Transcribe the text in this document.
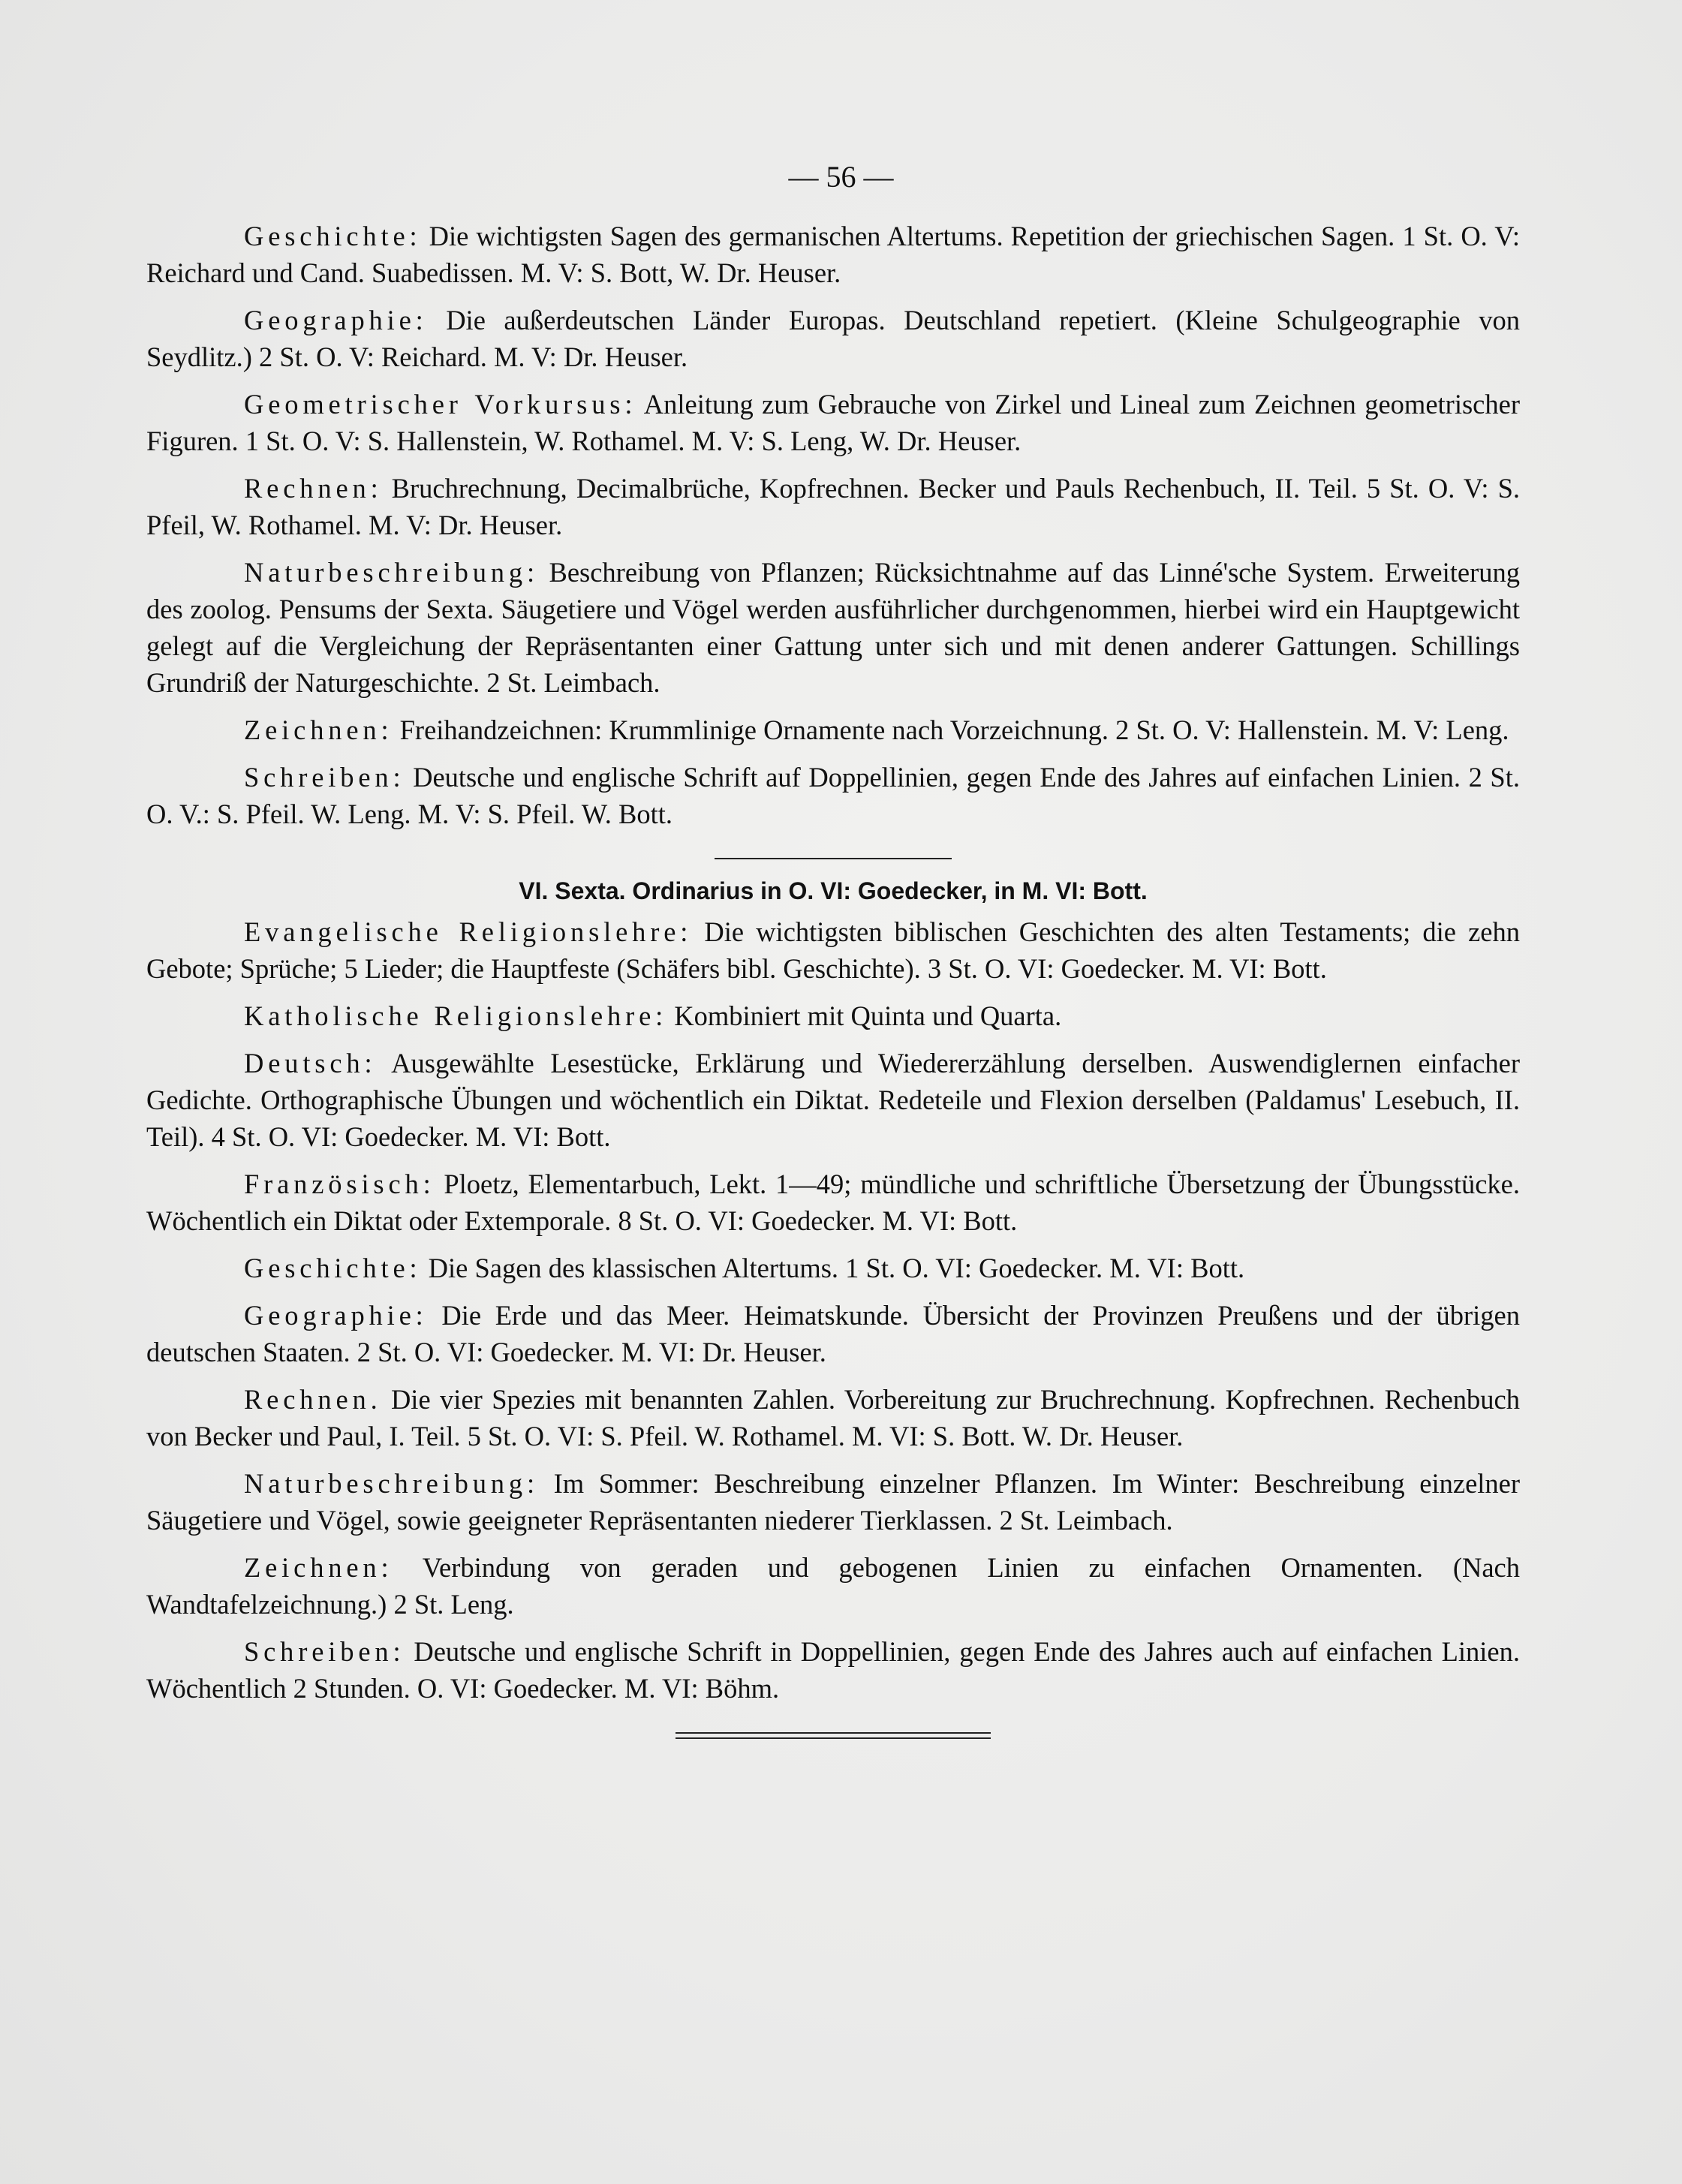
— 56 —

Geschichte: Die wichtigsten Sagen des germanischen Altertums. Repetition der griechischen Sagen. 1 St. O. V: Reichard und Cand. Suabedissen. M. V: S. Bott, W. Dr. Heuser.

Geographie: Die außerdeutschen Länder Europas. Deutschland repetiert. (Kleine Schulgeographie von Seydlitz.) 2 St. O. V: Reichard. M. V: Dr. Heuser.

Geometrischer Vorkursus: Anleitung zum Gebrauche von Zirkel und Lineal zum Zeichnen geometrischer Figuren. 1 St. O. V: S. Hallenstein, W. Rothamel. M. V: S. Leng, W. Dr. Heuser.

Rechnen: Bruchrechnung, Decimalbrüche, Kopfrechnen. Becker und Pauls Rechenbuch, II. Teil. 5 St. O. V: S. Pfeil, W. Rothamel. M. V: Dr. Heuser.

Naturbeschreibung: Beschreibung von Pflanzen; Rücksichtnahme auf das Linné'sche System. Erweiterung des zoolog. Pensums der Sexta. Säugetiere und Vögel werden ausführlicher durchgenommen, hierbei wird ein Hauptgewicht gelegt auf die Vergleichung der Repräsentanten einer Gattung unter sich und mit denen anderer Gattungen. Schillings Grundriß der Naturgeschichte. 2 St. Leimbach.

Zeichnen: Freihandzeichnen: Krummlinige Ornamente nach Vorzeichnung. 2 St. O. V: Hallenstein. M. V: Leng.

Schreiben: Deutsche und englische Schrift auf Doppellinien, gegen Ende des Jahres auf einfachen Linien. 2 St. O. V.: S. Pfeil. W. Leng. M. V: S. Pfeil. W. Bott.

VI. Sexta. Ordinarius in O. VI: Goedecker, in M. VI: Bott.

Evangelische Religionslehre: Die wichtigsten biblischen Geschichten des alten Testaments; die zehn Gebote; Sprüche; 5 Lieder; die Hauptfeste (Schäfers bibl. Geschichte). 3 St. O. VI: Goedecker. M. VI: Bott.

Katholische Religionslehre: Kombiniert mit Quinta und Quarta.

Deutsch: Ausgewählte Lesestücke, Erklärung und Wiedererzählung derselben. Auswendiglernen einfacher Gedichte. Orthographische Übungen und wöchentlich ein Diktat. Redeteile und Flexion derselben (Paldamus' Lesebuch, II. Teil). 4 St. O. VI: Goedecker. M. VI: Bott.

Französisch: Ploetz, Elementarbuch, Lekt. 1—49; mündliche und schriftliche Übersetzung der Übungsstücke. Wöchentlich ein Diktat oder Extemporale. 8 St. O. VI: Goedecker. M. VI: Bott.

Geschichte: Die Sagen des klassischen Altertums. 1 St. O. VI: Goedecker. M. VI: Bott.

Geographie: Die Erde und das Meer. Heimatskunde. Übersicht der Provinzen Preußens und der übrigen deutschen Staaten. 2 St. O. VI: Goedecker. M. VI: Dr. Heuser.

Rechnen. Die vier Spezies mit benannten Zahlen. Vorbereitung zur Bruchrechnung. Kopfrechnen. Rechenbuch von Becker und Paul, I. Teil. 5 St. O. VI: S. Pfeil. W. Rothamel. M. VI: S. Bott. W. Dr. Heuser.

Naturbeschreibung: Im Sommer: Beschreibung einzelner Pflanzen. Im Winter: Beschreibung einzelner Säugetiere und Vögel, sowie geeigneter Repräsentanten niederer Tierklassen. 2 St. Leimbach.

Zeichnen: Verbindung von geraden und gebogenen Linien zu einfachen Ornamenten. (Nach Wandtafelzeichnung.) 2 St. Leng.

Schreiben: Deutsche und englische Schrift in Doppellinien, gegen Ende des Jahres auch auf einfachen Linien. Wöchentlich 2 Stunden. O. VI: Goedecker. M. VI: Böhm.
